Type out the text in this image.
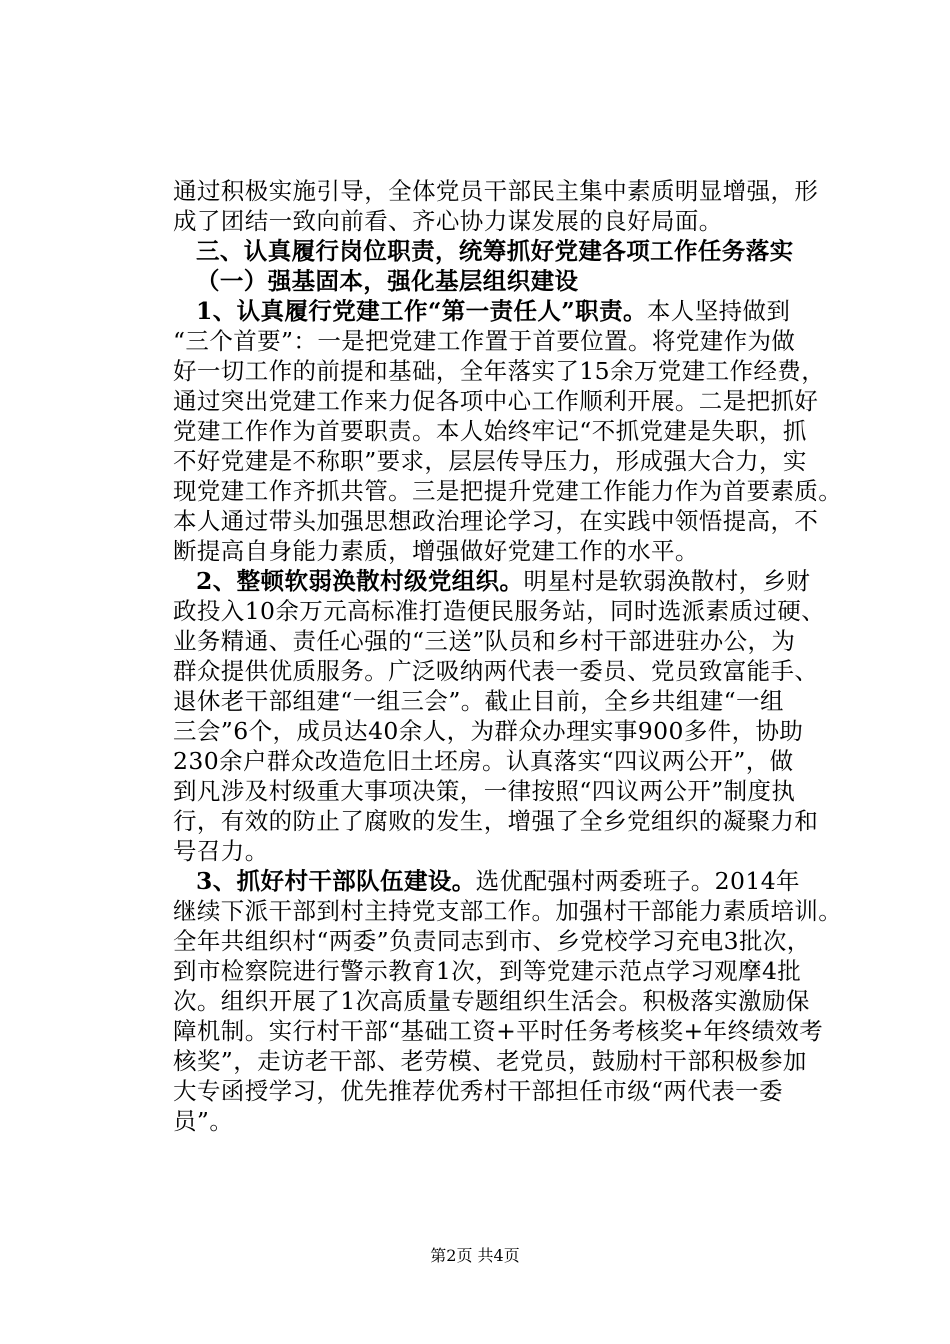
通过积极实施引导，全体党员干部民主集中素质明显增强，形
成了团结一致向前看、齐心协力谋发展的良好局面。
三、认真履行岗位职责，统筹抓好党建各项工作任务落实
（一）强基固本，强化基层组织建设
1、认真履行党建工作“第一责任人”职责。本人坚持做到
“三个首要”：一是把党建工作置于首要位置。将党建作为做
好一切工作的前提和基础，全年落实了15余万党建工作经费，
通过突出党建工作来力促各项中心工作顺利开展。二是把抓好
党建工作作为首要职责。本人始终牢记“不抓党建是失职，抓
不好党建是不称职”要求，层层传导压力，形成强大合力，实
现党建工作齐抓共管。三是把提升党建工作能力作为首要素质。
本人通过带头加强思想政治理论学习，在实践中领悟提高，不
断提高自身能力素质，增强做好党建工作的水平。
2、整顿软弱涣散村级党组织。明星村是软弱涣散村，乡财
政投入10余万元高标准打造便民服务站，同时选派素质过硬、
业务精通、责任心强的“三送”队员和乡村干部进驻办公，为
群众提供优质服务。广泛吸纳两代表一委员、党员致富能手、
退休老干部组建“一组三会”。截止目前，全乡共组建“一组
三会”6个，成员达40余人，为群众办理实事900多件，协助
230余户群众改造危旧土坯房。认真落实“四议两公开”，做
到凡涉及村级重大事项决策，一律按照“四议两公开”制度执
行，有效的防止了腐败的发生，增强了全乡党组织的凝聚力和
号召力。
3、抓好村干部队伍建设。选优配强村两委班子。2014年
继续下派干部到村主持党支部工作。加强村干部能力素质培训。
全年共组织村“两委”负责同志到市、乡党校学习充电3批次，
到市检察院进行警示教育1次，到等党建示范点学习观摩4批
次。组织开展了1次高质量专题组织生活会。积极落实激励保
障机制。实行村干部“基础工资+平时任务考核奖+年终绩效考
核奖”，走访老干部、老劳模、老党员，鼓励村干部积极参加
大专函授学习，优先推荐优秀村干部担任市级“两代表一委
员”。
第2页 共4页
